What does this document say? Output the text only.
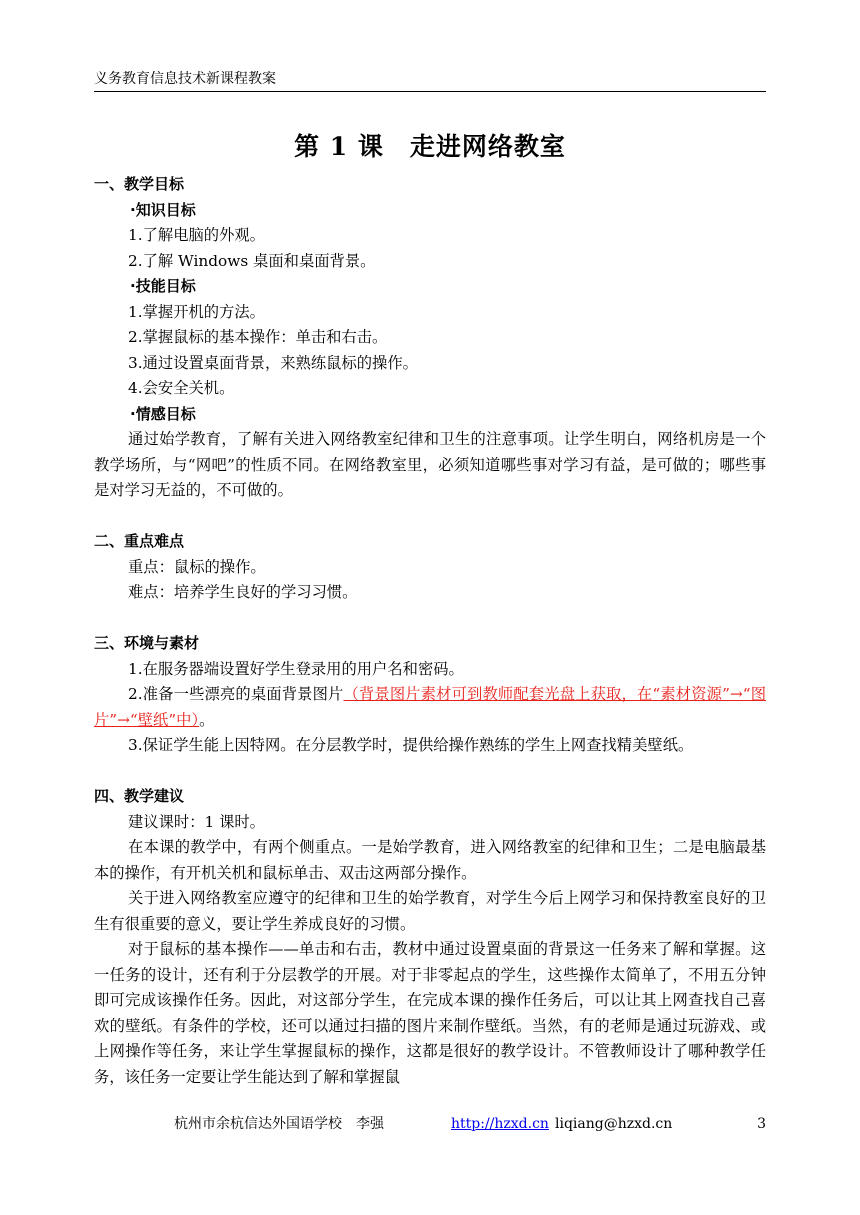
义务教育信息技术新课程教案
第 1 课　走进网络教室

一、教学目标

·知识目标

1.了解电脑的外观。

2.了解 Windows 桌面和桌面背景。

·技能目标

1.掌握开机的方法。

2.掌握鼠标的基本操作：单击和右击。

3.通过设置桌面背景，来熟练鼠标的操作。

4.会安全关机。

·情感目标

通过始学教育，了解有关进入网络教室纪律和卫生的注意事项。让学生明白，网络机房是一个教学场所，与“网吧”的性质不同。在网络教室里，必须知道哪些事对学习有益，是可做的；哪些事是对学习无益的，不可做的。

二、重点难点

重点：鼠标的操作。

难点：培养学生良好的学习习惯。

三、环境与素材

1.在服务器端设置好学生登录用的用户名和密码。

2.准备一些漂亮的桌面背景图片（背景图片素材可到教师配套光盘上获取，在“素材资源”→“图片”→“壁纸”中）。

3.保证学生能上因特网。在分层教学时，提供给操作熟练的学生上网查找精美壁纸。

四、教学建议

建议课时：1 课时。

在本课的教学中，有两个侧重点。一是始学教育，进入网络教室的纪律和卫生；二是电脑最基本的操作，有开机关机和鼠标单击、双击这两部分操作。

关于进入网络教室应遵守的纪律和卫生的始学教育，对学生今后上网学习和保持教室良好的卫生有很重要的意义，要让学生养成良好的习惯。

对于鼠标的基本操作——单击和右击，教材中通过设置桌面的背景这一任务来了解和掌握。这一任务的设计，还有利于分层教学的开展。对于非零起点的学生，这些操作太简单了，不用五分钟即可完成该操作任务。因此，对这部分学生，在完成本课的操作任务后，可以让其上网查找自己喜欢的壁纸。有条件的学校，还可以通过扫描的图片来制作壁纸。当然，有的老师是通过玩游戏、或上网操作等任务，来让学生掌握鼠标的操作，这都是很好的教学设计。不管教师设计了哪种教学任务，该任务一定要让学生能达到了解和掌握鼠

杭州市余杭信达外国语学校　李强	http://hzxd.cn liqiang@hzxd.cn	3
